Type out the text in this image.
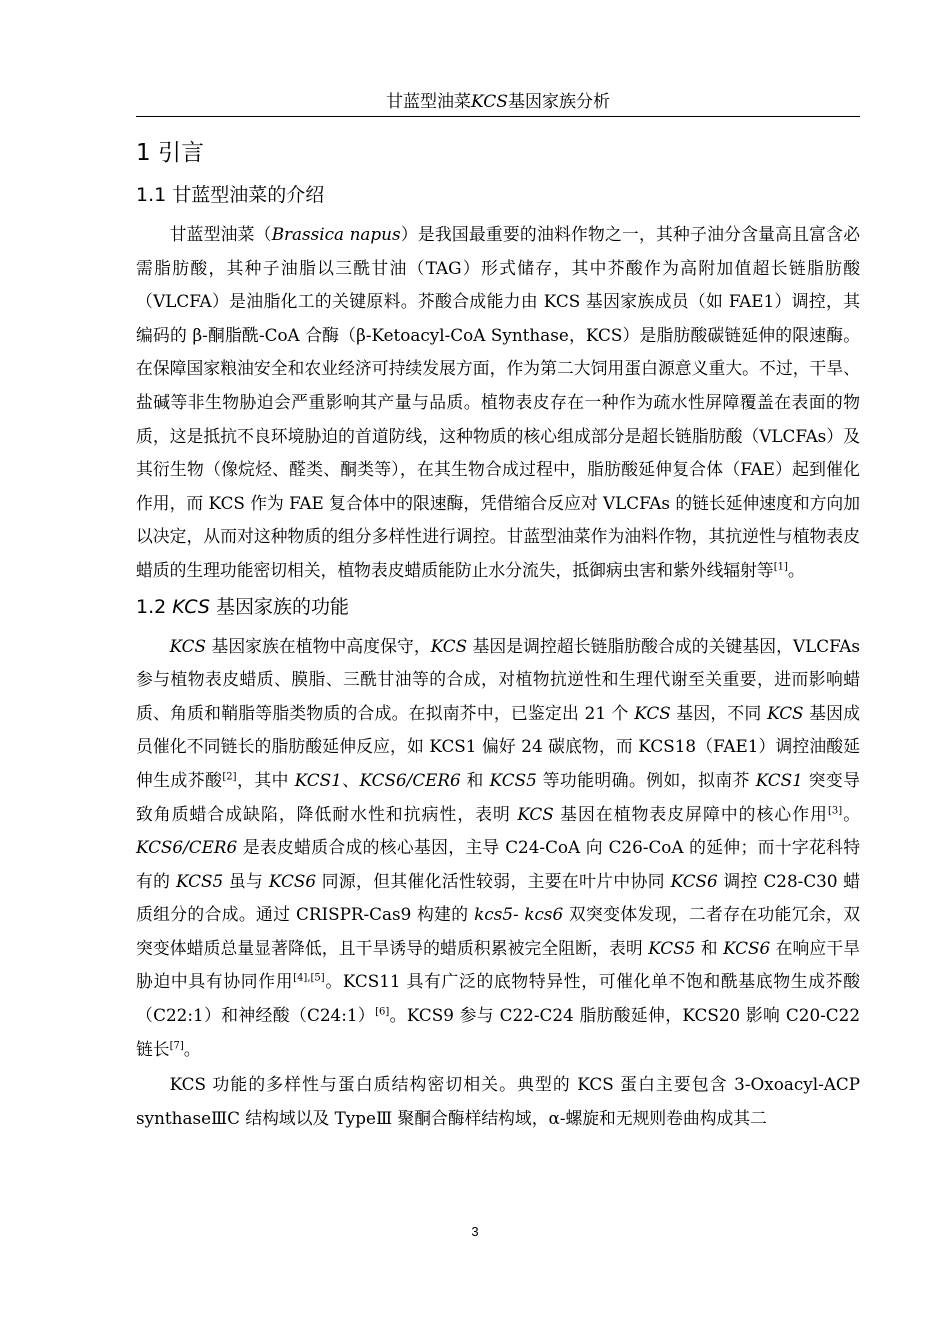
甘蓝型油菜KCS基因家族分析
1 引言
1.1 甘蓝型油菜的介绍

甘蓝型油菜（Brassica napus）是我国最重要的油料作物之一，其种子油分含量高且富含必需脂肪酸，其种子油脂以三酰甘油（TAG）形式储存，其中芥酸作为高附加值超长链脂肪酸（VLCFA）是油脂化工的关键原料。芥酸合成能力由 KCS 基因家族成员（如 FAE1）调控，其编码的 β-酮脂酰-CoA 合酶（β-Ketoacyl-CoA Synthase，KCS）是脂肪酸碳链延伸的限速酶。在保障国家粮油安全和农业经济可持续发展方面，作为第二大饲用蛋白源意义重大。不过，干旱、盐碱等非生物胁迫会严重影响其产量与品质。植物表皮存在一种作为疏水性屏障覆盖在表面的物质，这是抵抗不良环境胁迫的首道防线，这种物质的核心组成部分是超长链脂肪酸（VLCFAs）及其衍生物（像烷烃、醛类、酮类等），在其生物合成过程中，脂肪酸延伸复合体（FAE）起到催化作用，而 KCS 作为 FAE 复合体中的限速酶，凭借缩合反应对 VLCFAs 的链长延伸速度和方向加以决定，从而对这种物质的组分多样性进行调控。甘蓝型油菜作为油料作物，其抗逆性与植物表皮蜡质的生理功能密切相关，植物表皮蜡质能防止水分流失，抵御病虫害和紫外线辐射等[1]。

1.2 KCS 基因家族的功能

KCS 基因家族在植物中高度保守，KCS 基因是调控超长链脂肪酸合成的关键基因，VLCFAs 参与植物表皮蜡质、膜脂、三酰甘油等的合成，对植物抗逆性和生理代谢至关重要，进而影响蜡质、角质和鞘脂等脂类物质的合成。在拟南芥中，已鉴定出 21 个 KCS 基因，不同 KCS 基因成员催化不同链长的脂肪酸延伸反应，如 KCS1 偏好 24 碳底物，而 KCS18（FAE1）调控油酸延伸生成芥酸[2]，其中 KCS1、KCS6/CER6 和 KCS5 等功能明确。例如，拟南芥 KCS1 突变导致角质蜡合成缺陷，降低耐水性和抗病性，表明 KCS 基因在植物表皮屏障中的核心作用[3]。KCS6/CER6 是表皮蜡质合成的核心基因，主导 C24-CoA 向 C26-CoA 的延伸；而十字花科特有的 KCS5 虽与 KCS6 同源，但其催化活性较弱，主要在叶片中协同 KCS6 调控 C28-C30 蜡质组分的合成。通过 CRISPR-Cas9 构建的 kcs5- kcs6 双突变体发现，二者存在功能冗余，双突变体蜡质总量显著降低，且干旱诱导的蜡质积累被完全阻断，表明 KCS5 和 KCS6 在响应干旱胁迫中具有协同作用[4],[5]。KCS11 具有广泛的底物特异性，可催化单不饱和酰基底物生成芥酸（C22:1）和神经酸（C24:1）[6]。KCS9 参与 C22-C24 脂肪酸延伸，KCS20 影响 C20-C22 链长[7]。

KCS 功能的多样性与蛋白质结构密切相关。典型的 KCS 蛋白主要包含 3-Oxoacyl-ACP synthaseⅢC 结构域以及 TypeⅢ 聚酮合酶样结构域，α-螺旋和无规则卷曲构成其二

3
